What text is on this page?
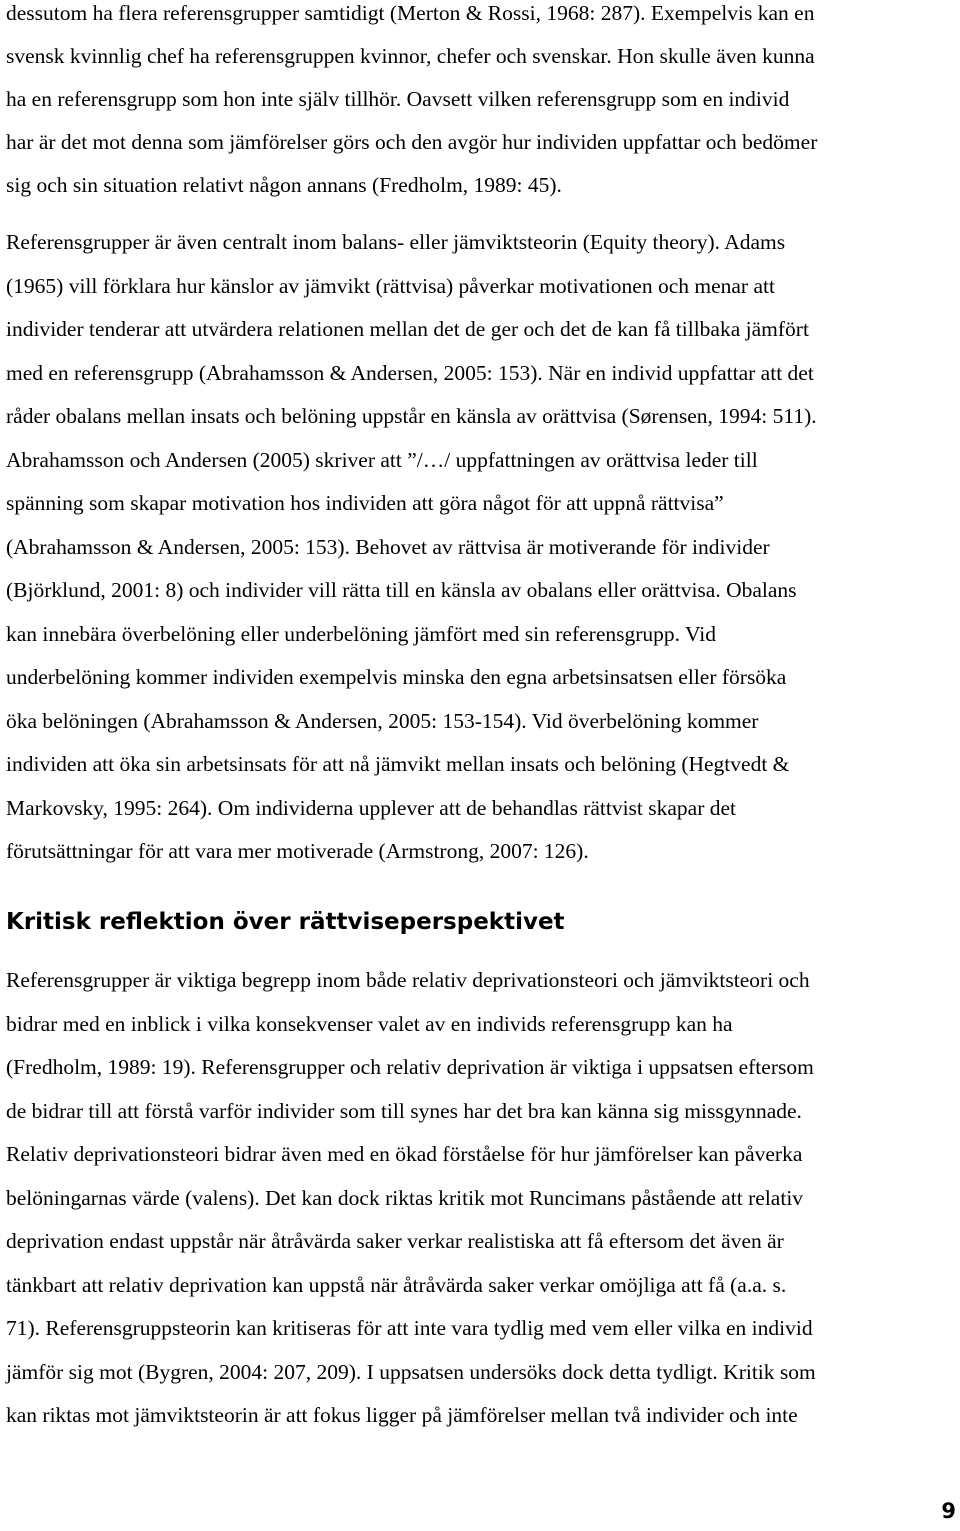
dessutom ha flera referensgrupper samtidigt (Merton & Rossi, 1968: 287). Exempelvis kan en
svensk kvinnlig chef ha referensgruppen kvinnor, chefer och svenskar. Hon skulle även kunna
ha en referensgrupp som hon inte själv tillhör. Oavsett vilken referensgrupp som en individ
har är det mot denna som jämförelser görs och den avgör hur individen uppfattar och bedömer
sig och sin situation relativt någon annans (Fredholm, 1989: 45).
Referensgrupper är även centralt inom balans- eller jämviktsteorin (Equity theory). Adams
(1965) vill förklara hur känslor av jämvikt (rättvisa) påverkar motivationen och menar att
individer tenderar att utvärdera relationen mellan det de ger och det de kan få tillbaka jämfört
med en referensgrupp (Abrahamsson & Andersen, 2005: 153). När en individ uppfattar att det
råder obalans mellan insats och belöning uppstår en känsla av orättvisa (Sørensen, 1994: 511).
Abrahamsson och Andersen (2005) skriver att ”/…/ uppfattningen av orättvisa leder till
spänning som skapar motivation hos individen att göra något för att uppnå rättvisa”
(Abrahamsson & Andersen, 2005: 153). Behovet av rättvisa är motiverande för individer
(Björklund, 2001: 8) och individer vill rätta till en känsla av obalans eller orättvisa. Obalans
kan innebära överbelöning eller underbelöning jämfört med sin referensgrupp. Vid
underbelöning kommer individen exempelvis minska den egna arbetsinsatsen eller försöka
öka belöningen (Abrahamsson & Andersen, 2005: 153-154). Vid överbelöning kommer
individen att öka sin arbetsinsats för att nå jämvikt mellan insats och belöning (Hegtvedt &
Markovsky, 1995: 264). Om individerna upplever att de behandlas rättvist skapar det
förutsättningar för att vara mer motiverade (Armstrong, 2007: 126).
Kritisk reflektion över rättviseperspektivet
Referensgrupper är viktiga begrepp inom både relativ deprivationsteori och jämviktsteori och
bidrar med en inblick i vilka konsekvenser valet av en individs referensgrupp kan ha
(Fredholm, 1989: 19). Referensgrupper och relativ deprivation är viktiga i uppsatsen eftersom
de bidrar till att förstå varför individer som till synes har det bra kan känna sig missgynnade.
Relativ deprivationsteori bidrar även med en ökad förståelse för hur jämförelser kan påverka
belöningarnas värde (valens). Det kan dock riktas kritik mot Runcimans påstående att relativ
deprivation endast uppstår när åtråvärda saker verkar realistiska att få eftersom det även är
tänkbart att relativ deprivation kan uppstå när åtråvärda saker verkar omöjliga att få (a.a. s.
71). Referensgruppsteorin kan kritiseras för att inte vara tydlig med vem eller vilka en individ
jämför sig mot (Bygren, 2004: 207, 209). I uppsatsen undersöks dock detta tydligt. Kritik som
kan riktas mot jämviktsteorin är att fokus ligger på jämförelser mellan två individer och inte
9
